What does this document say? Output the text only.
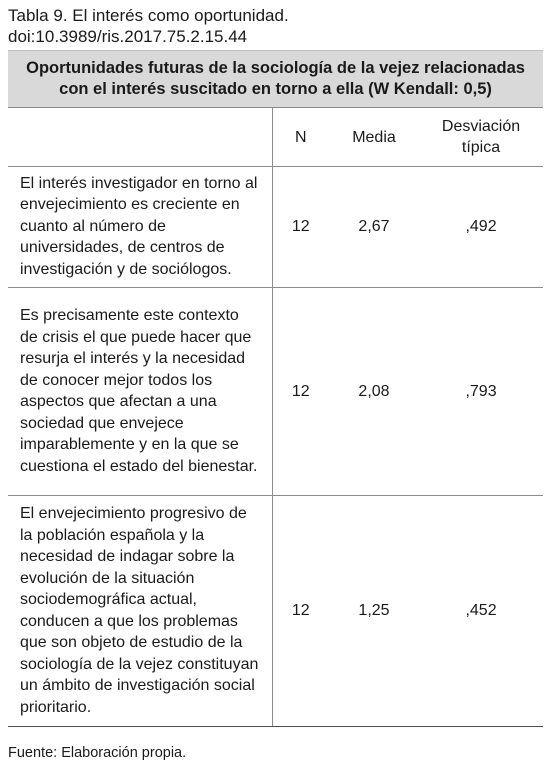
Tabla 9. El interés como oportunidad.
doi:10.3989/ris.2017.75.2.15.44
Oportunidades futuras de la sociología de la vejez relacionadas con el interés suscitado en torno a ella (W Kendall: 0,5)			
	N	Media	Desviación típica
El interés investigador en torno al envejecimiento es creciente en cuanto al número de universidades, de centros de investigación y de sociólogos.	12	2,67	,492
Es precisamente este contexto de crisis el que puede hacer que resurja el interés y la necesidad de conocer mejor todos los aspectos que afectan a una sociedad que envejece imparablemente y en la que se cuestiona el estado del bienestar.	12	2,08	,793
El envejecimiento progresivo de la población española y la necesidad de indagar sobre la evolución de la situación sociodemográfica actual, conducen a que los problemas que son objeto de estudio de la sociología de la vejez constituyan un ámbito de investigación social prioritario.	12	1,25	,452
Fuente: Elaboración propia.
